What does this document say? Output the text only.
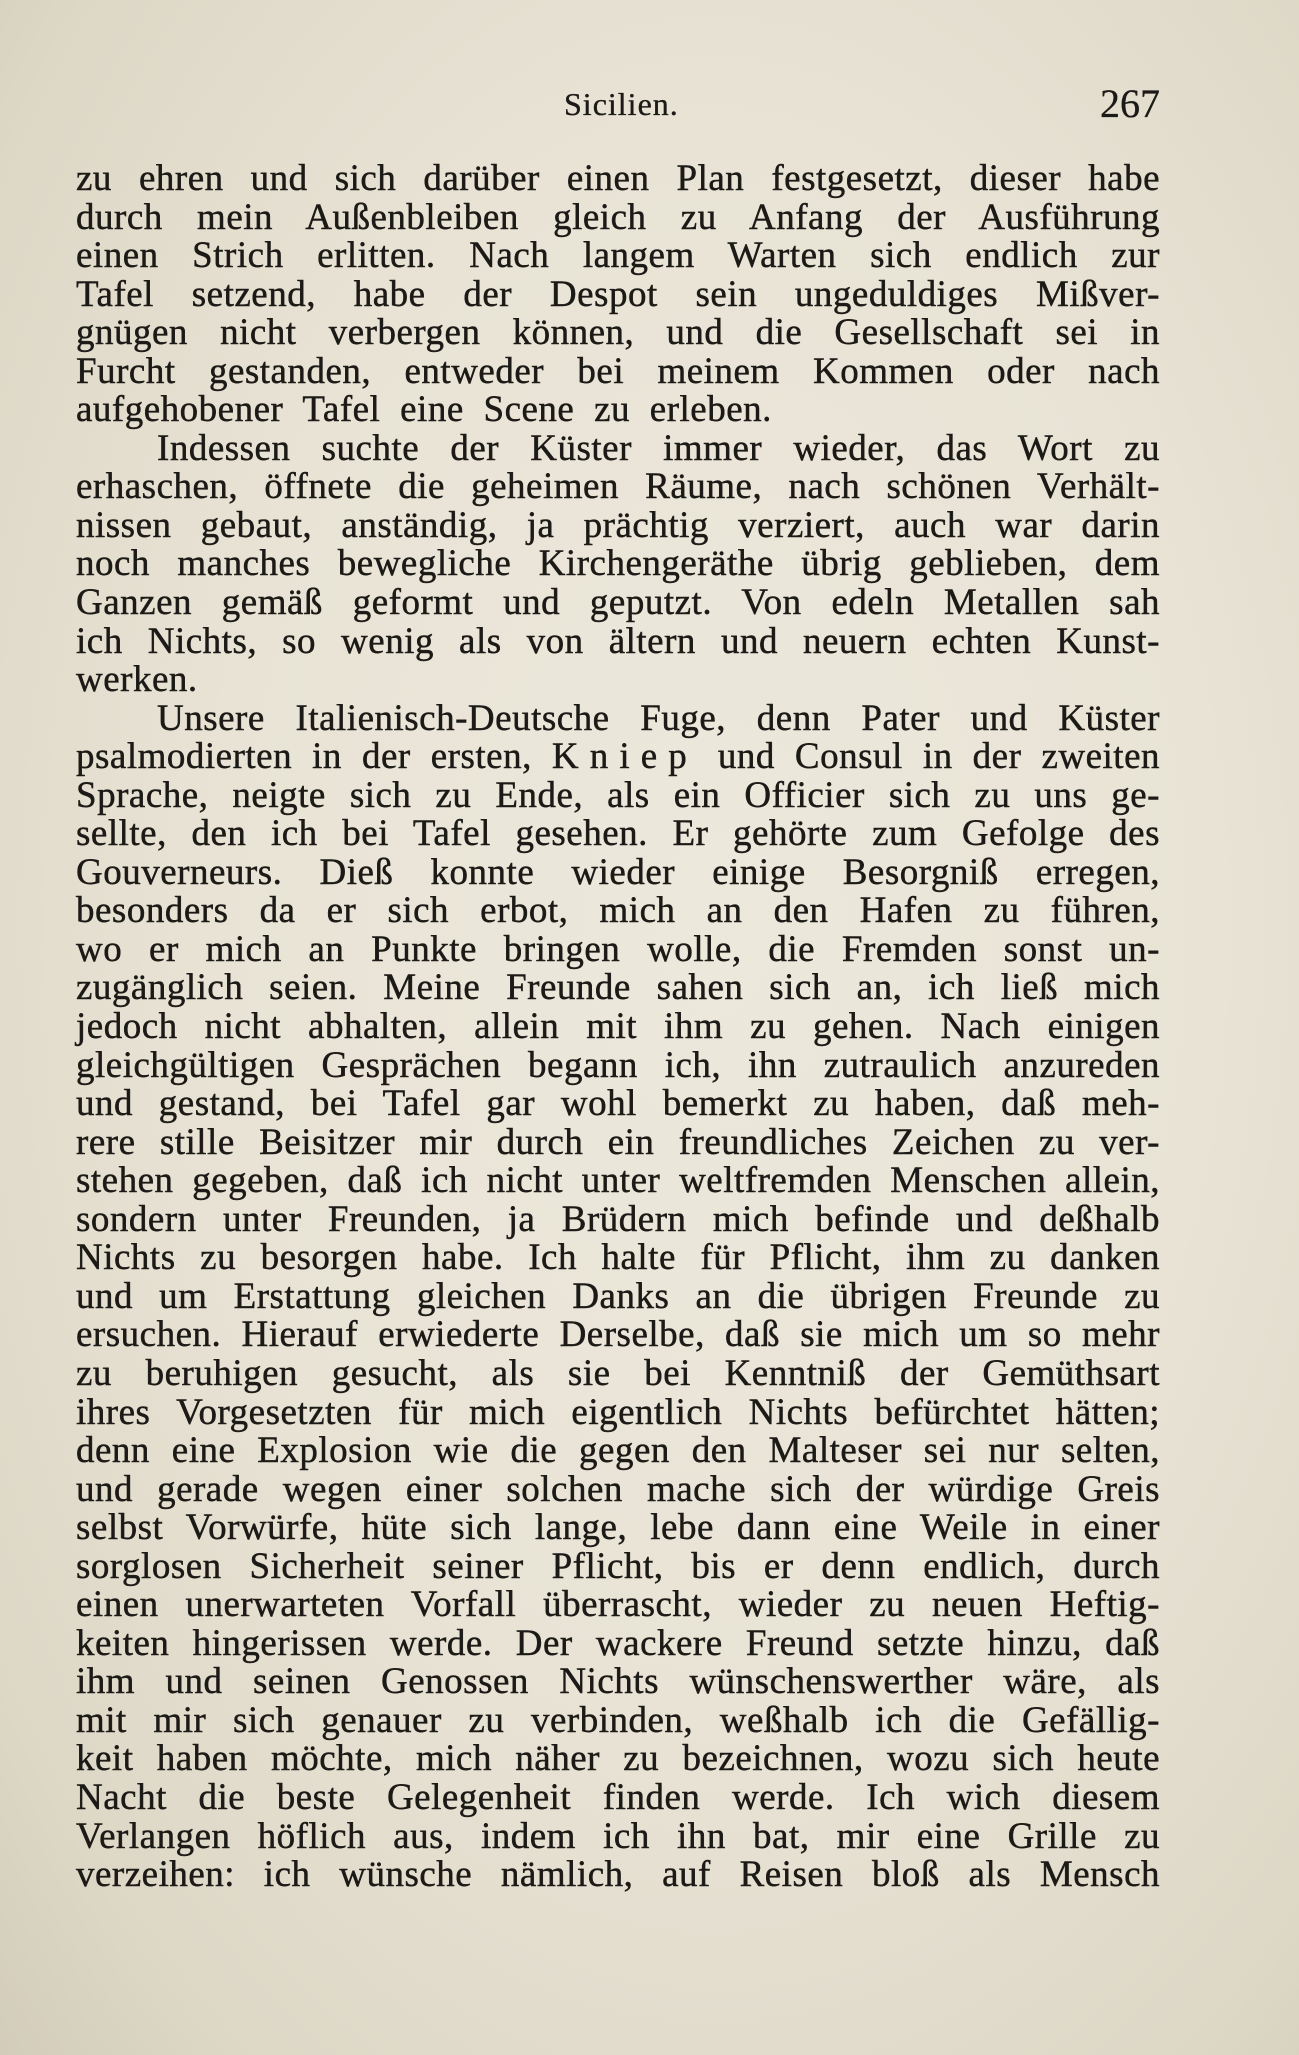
Sicilien.	267
zu ehren und sich darüber einen Plan festgesetzt, dieser habe
durch mein Außenbleiben gleich zu Anfang der Ausführung
einen Strich erlitten. Nach langem Warten sich endlich zur
Tafel setzend, habe der Despot sein ungeduldiges Mißver-
gnügen nicht verbergen können, und die Gesellschaft sei in
Furcht gestanden, entweder bei meinem Kommen oder nach
aufgehobener Tafel eine Scene zu erleben.
Indessen suchte der Küster immer wieder, das Wort zu
erhaschen, öffnete die geheimen Räume, nach schönen Verhält-
nissen gebaut, anständig, ja prächtig verziert, auch war darin
noch manches bewegliche Kirchengeräthe übrig geblieben, dem
Ganzen gemäß geformt und geputzt. Von edeln Metallen sah
ich Nichts, so wenig als von ältern und neuern echten Kunst-
werken.
Unsere Italienisch-Deutsche Fuge, denn Pater und Küster
psalmodierten in der ersten, Kniep und Consul in der zweiten
Sprache, neigte sich zu Ende, als ein Officier sich zu uns ge-
sellte, den ich bei Tafel gesehen. Er gehörte zum Gefolge des
Gouverneurs. Dieß konnte wieder einige Besorgniß erregen,
besonders da er sich erbot, mich an den Hafen zu führen,
wo er mich an Punkte bringen wolle, die Fremden sonst un-
zugänglich seien. Meine Freunde sahen sich an, ich ließ mich
jedoch nicht abhalten, allein mit ihm zu gehen. Nach einigen
gleichgültigen Gesprächen begann ich, ihn zutraulich anzureden
und gestand, bei Tafel gar wohl bemerkt zu haben, daß meh-
rere stille Beisitzer mir durch ein freundliches Zeichen zu ver-
stehen gegeben, daß ich nicht unter weltfremden Menschen allein,
sondern unter Freunden, ja Brüdern mich befinde und deßhalb
Nichts zu besorgen habe. Ich halte für Pflicht, ihm zu danken
und um Erstattung gleichen Danks an die übrigen Freunde zu
ersuchen. Hierauf erwiederte Derselbe, daß sie mich um so mehr
zu beruhigen gesucht, als sie bei Kenntniß der Gemüthsart
ihres Vorgesetzten für mich eigentlich Nichts befürchtet hätten;
denn eine Explosion wie die gegen den Malteser sei nur selten,
und gerade wegen einer solchen mache sich der würdige Greis
selbst Vorwürfe, hüte sich lange, lebe dann eine Weile in einer
sorglosen Sicherheit seiner Pflicht, bis er denn endlich, durch
einen unerwarteten Vorfall überrascht, wieder zu neuen Heftig-
keiten hingerissen werde. Der wackere Freund setzte hinzu, daß
ihm und seinen Genossen Nichts wünschenswerther wäre, als
mit mir sich genauer zu verbinden, weßhalb ich die Gefällig-
keit haben möchte, mich näher zu bezeichnen, wozu sich heute
Nacht die beste Gelegenheit finden werde. Ich wich diesem
Verlangen höflich aus, indem ich ihn bat, mir eine Grille zu
verzeihen: ich wünsche nämlich, auf Reisen bloß als Mensch
